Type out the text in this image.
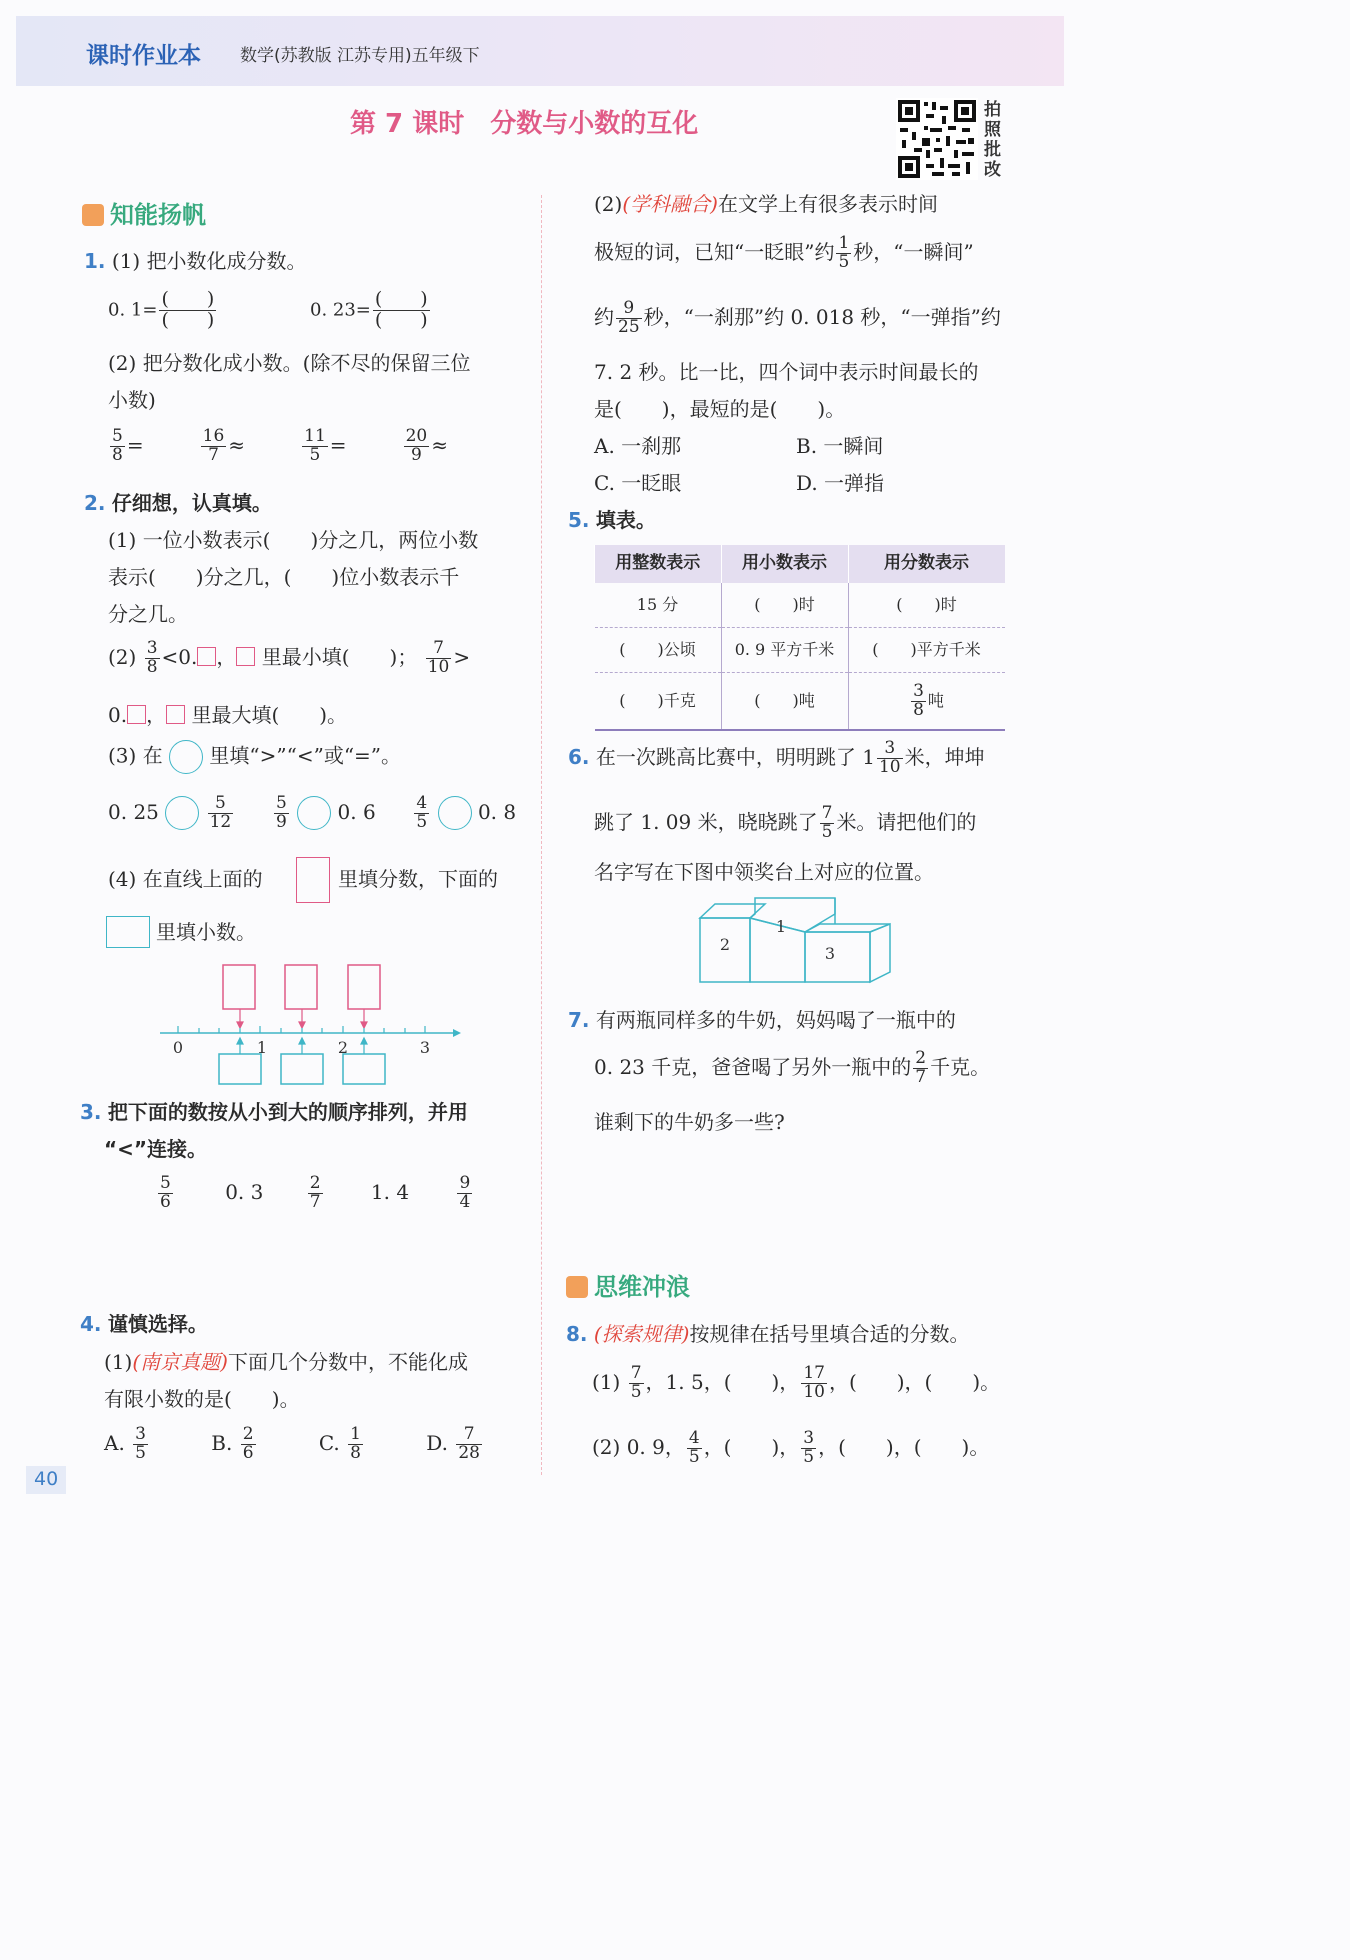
课时作业本 数学(苏教版 江苏专用)五年级下
第 7 课时　分数与小数的互化	拍照批改
知能扬帆
1. (1) 把小数化成分数。
0. $1= \frac{( )}{( )}$	0. $23= \frac{( )}{( )}$
(2) 把分数化成小数。(除不尽的保留三位
小数)
$\frac{5}{8}$ =	$\frac{16}{7}$ ≈	$\frac{11}{5}$ =	$\frac{20}{9}$ ≈
2. 仔细想，认真填。
(1) 一位小数表示(　　)分之几，两位小数
表示(　　)分之几，(　　)位小数表示千
分之几。
$(2) \frac{3}{8} <0$. ， 里最小填(　　)； $\frac{7}{10}$ >
0. ， 里最大填(　　)。
(3) 在 里填“>”“<”或“=”。
0. 25	$\frac{5}{12}$
$\frac{5}{9} 0$. $6 \frac{4}{5} 0$. 8
(4) 在直线上面的	里填分数，下面的
里填小数。
0	1	2	3
3. 把下面的数按从小到大的顺序排列，并用
“<”连接。
$\frac{5}{6}$	0. 3	$\frac{2}{7} 1$. 4	$\frac{9}{4}$
4. 谨慎选择。
(1)(南京真题)下面几个分数中，不能化成
有限小数的是(　　)。
A. $\frac{3}{5}$	B. $\frac{2}{6}$	C. $\frac{1}{8}$	D. $\frac{7}{28}$
40
(2)(学科融合)在文学上有很多表示时间
极短的词，已知“一眨眼”约 $\frac{1}{5}$ 秒，“一瞬间”
约 $\frac{9}{25}$ 秒，“一刹那”约 0. 018 秒，“一弹指”约
7. 2 秒。比一比，四个词中表示时间最长的
是(　　)，最短的是(　　)。
A. 一刹那	B. 一瞬间
C. 一眨眼	D. 一弹指
5. 填表。
用整数表示	用小数表示	用分数表示
15 分	(　　)时	(　　)时
(　　)公顷	0. 9 平方千米	(　　)平方千米
(　　)千克	(　　)吨	$\frac{3}{8}$ 吨
6. 在一次跳高比赛中，明明跳了 $1 \frac{3}{10}$ 米，坤坤
跳了 1. 09 米，晓晓跳了 $\frac{7}{5}$ 米。请把他们的
名字写在下图中领奖台上对应的位置。
1
2	3
7. 有两瓶同样多的牛奶，妈妈喝了一瓶中的
0. 23 千克，爸爸喝了另外一瓶中的 $\frac{2}{7}$ 千克。
谁剩下的牛奶多一些?
思维冲浪
8. (探索规律)按规律在括号里填合适的分数。
$(1) \frac{7}{5}$ ，1. 5，(　　)， $\frac{17}{10}$ ，(　　)，(　　)。
(2) 0. 9， $\frac{4}{5}$ ，(　　)， $\frac{3}{5}$ ，(　　)，(　　)。
